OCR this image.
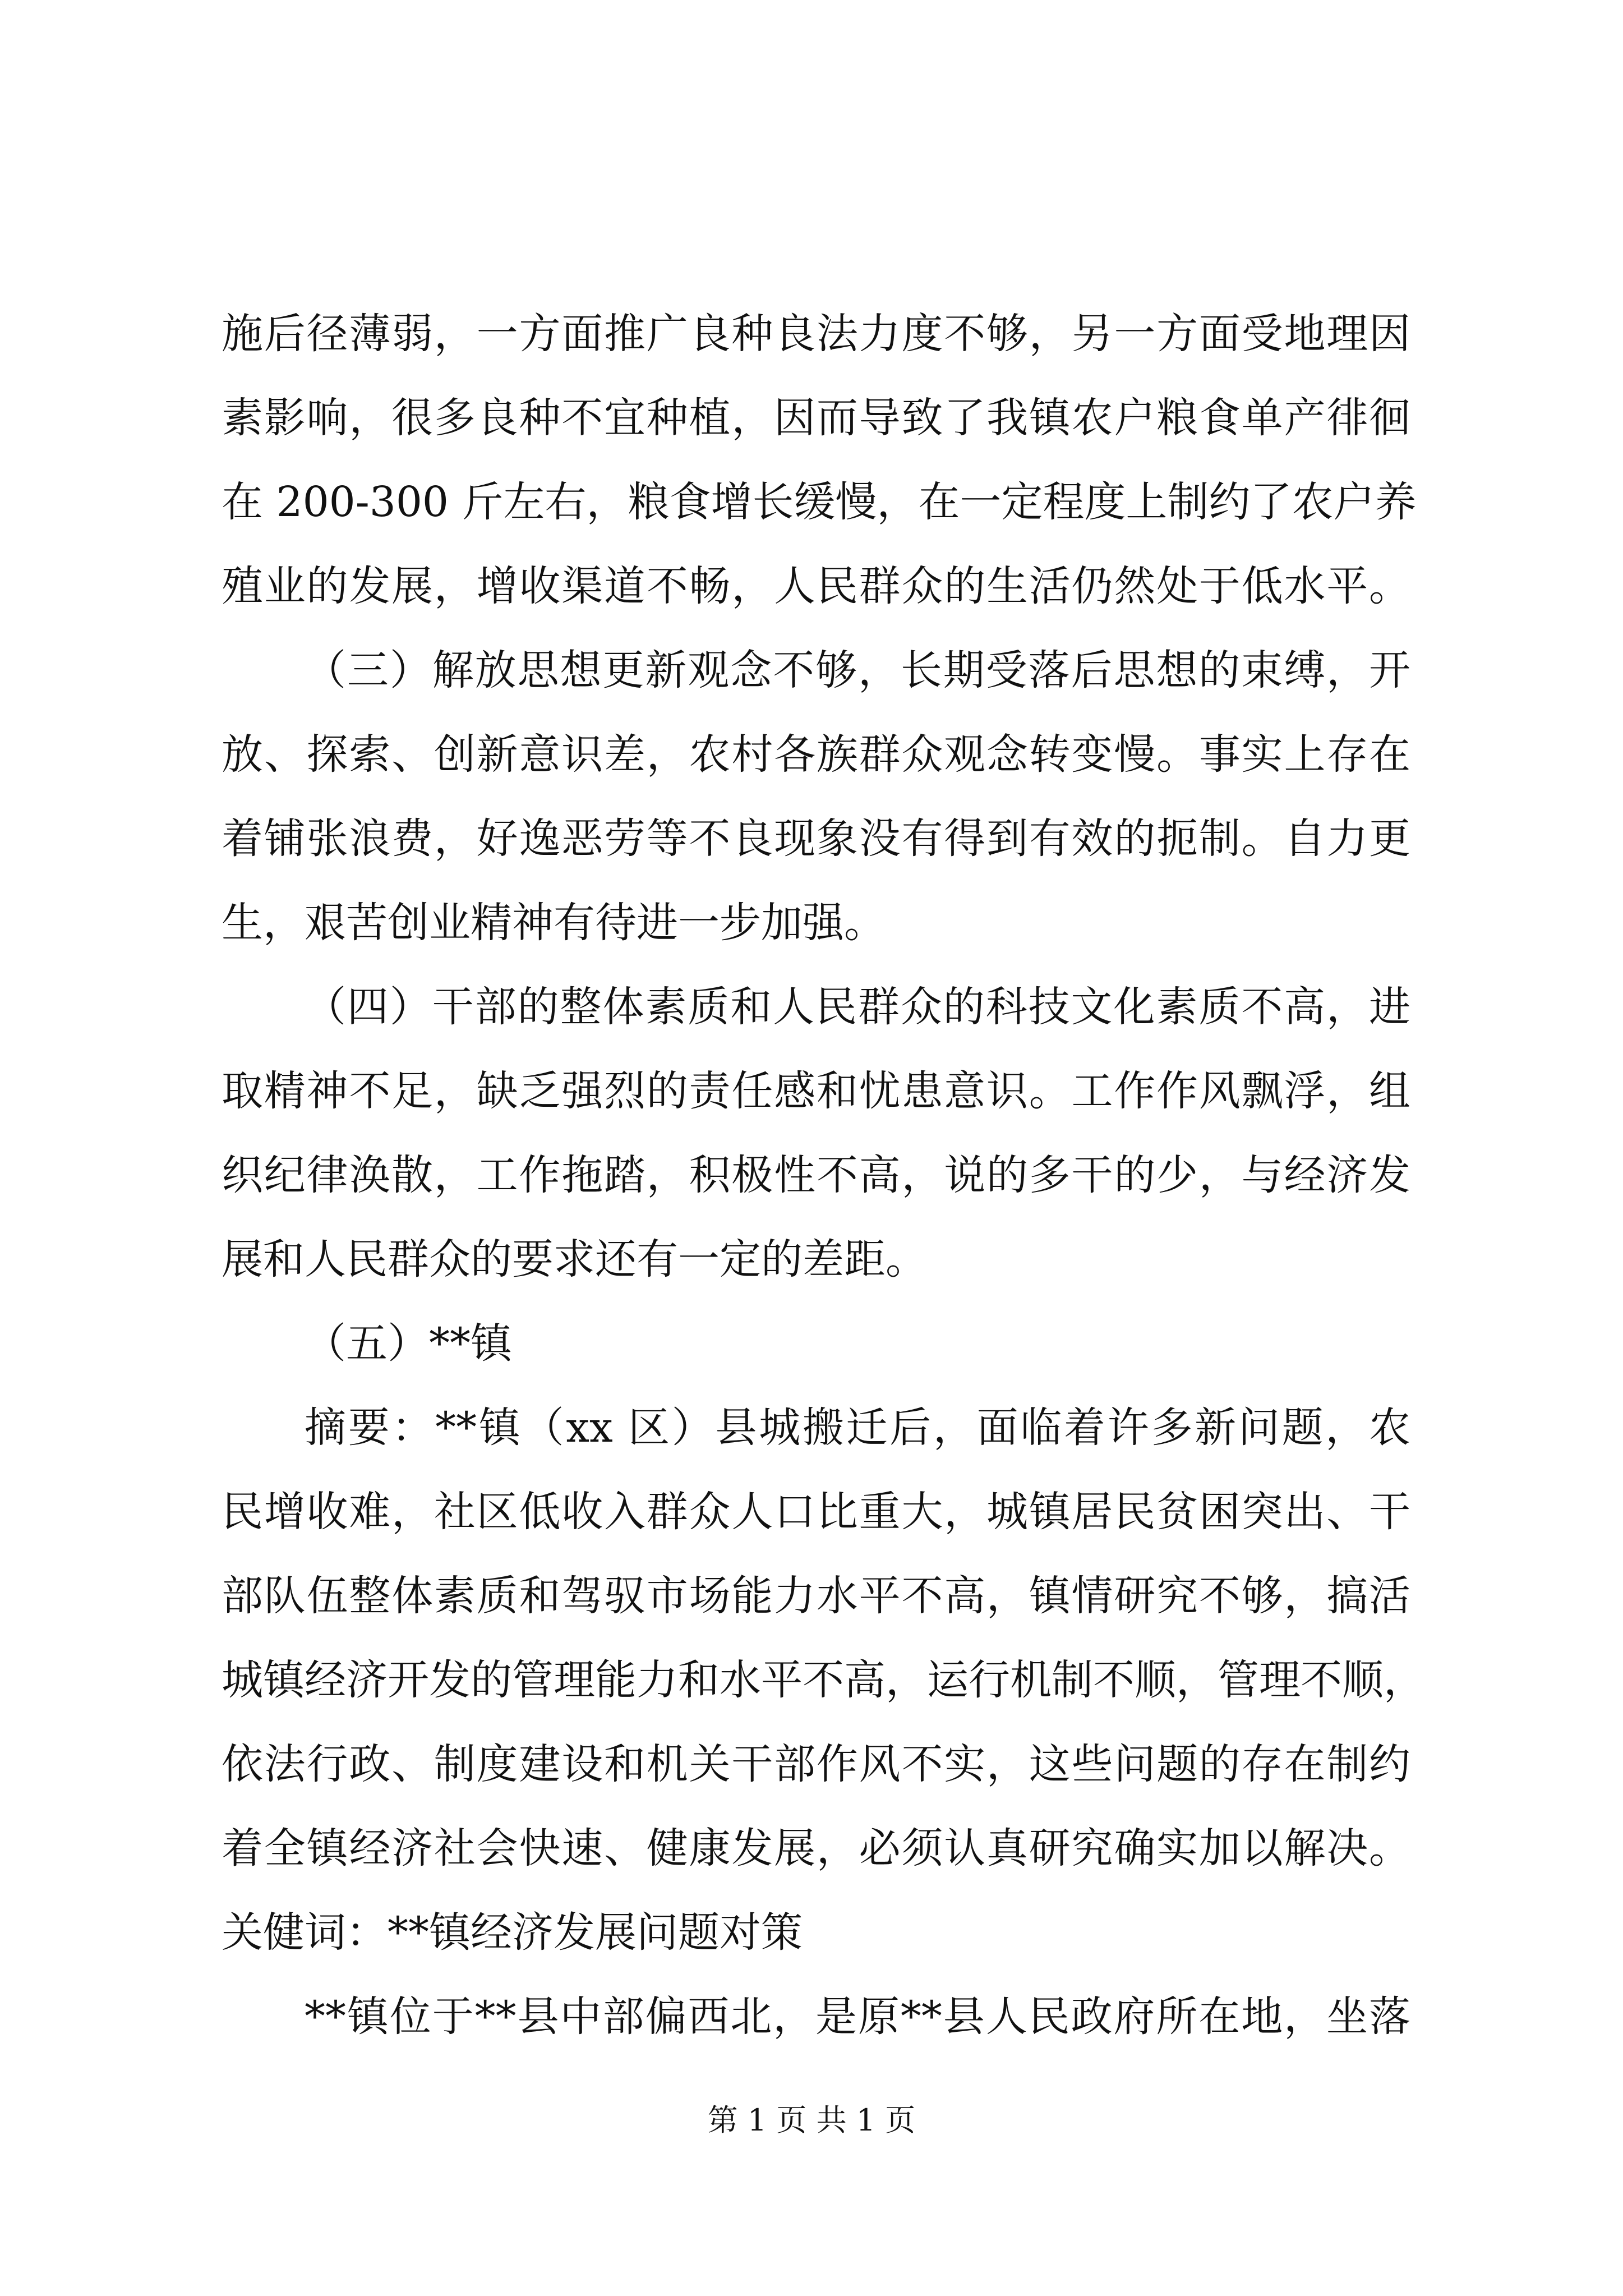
施后径薄弱，一方面推广良种良法力度不够，另一方面受地理因
素影响，很多良种不宜种植，因而导致了我镇农户粮食单产徘徊
在 200-300 斤左右，粮食增长缓慢，在一定程度上制约了农户养
殖业的发展，增收渠道不畅，人民群众的生活仍然处于低水平。
（三）解放思想更新观念不够，长期受落后思想的束缚，开
放、探索、创新意识差，农村各族群众观念转变慢。事实上存在
着铺张浪费，好逸恶劳等不良现象没有得到有效的扼制。自力更
生，艰苦创业精神有待进一步加强。
（四）干部的整体素质和人民群众的科技文化素质不高，进
取精神不足，缺乏强烈的责任感和忧患意识。工作作风飘浮，组
织纪律涣散，工作拖踏，积极性不高，说的多干的少，与经济发
展和人民群众的要求还有一定的差距。
（五）**镇
摘要：**镇（xx 区）县城搬迁后，面临着许多新问题，农
民增收难，社区低收入群众人口比重大，城镇居民贫困突出、干
部队伍整体素质和驾驭市场能力水平不高，镇情研究不够，搞活
城镇经济开发的管理能力和水平不高，运行机制不顺，管理不顺，
依法行政、制度建设和机关干部作风不实，这些问题的存在制约
着全镇经济社会快速、健康发展，必须认真研究确实加以解决。
关健词：**镇经济发展问题对策
**镇位于**县中部偏西北，是原**县人民政府所在地，坐落
第 1 页 共 1 页
